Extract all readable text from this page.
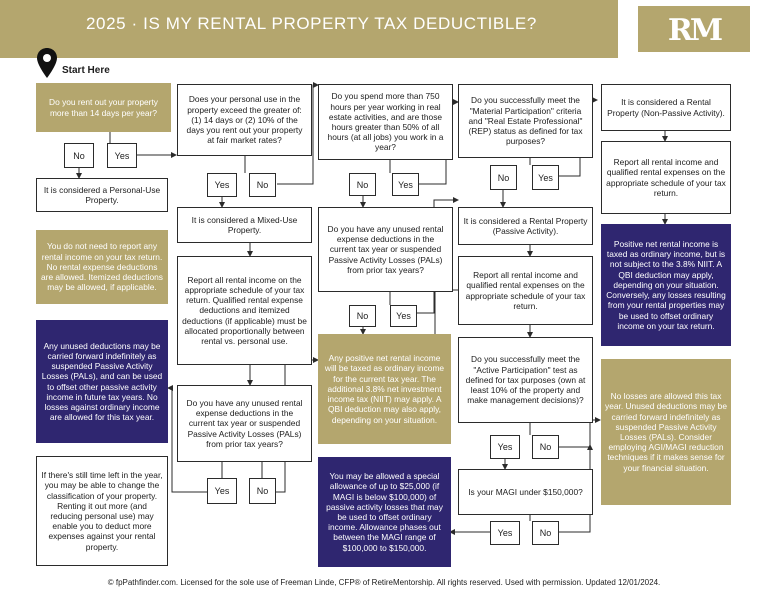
2025 · IS MY RENTAL PROPERTY TAX DEDUCTIBLE?	RM
Start Here
Do you rent out your property more than 14 days per year?
No	Yes
It is considered a Personal-Use Property.
You do not need to report any rental income on your tax return. No rental expense deductions are allowed. Itemized deductions may be allowed, if applicable.
Any unused deductions may be carried forward indefinitely as suspended Passive Activity Losses (PALs), and can be used to offset other passive activity income in future tax years. No losses against ordinary income are allowed for this tax year.
If there's still time left in the year, you may be able to change the classification of your property. Renting it out more (and reducing personal use) may enable you to deduct more expenses against your rental property.
Does your personal use in the property exceed the greater of: (1) 14 days or (2) 10% of the days you rent out your property at fair market rates?
Yes	No
It is considered a Mixed-Use Property.
Report all rental income on the appropriate schedule of your tax return. Qualified rental expense deductions and itemized deductions (if applicable) must be allocated proportionally between rental vs. personal use.
Do you have any unused rental expense deductions in the current tax year or suspended Passive Activity Losses (PALs) from prior tax years?
Yes	No
Do you spend more than 750 hours per year working in real estate activities, and are those hours greater than 50% of all hours (at all jobs) you work in a year?
No	Yes
Do you have any unused rental expense deductions in the current tax year or suspended Passive Activity Losses (PALs) from prior tax years?
No	Yes
Any positive net rental income will be taxed as ordinary income for the current tax year. The additional 3.8% net investment income tax (NIIT) may apply. A QBI deduction may also apply, depending on your situation.
You may be allowed a special allowance of up to $25,000 (if MAGI is below $100,000) of passive activity losses that may be used to offset ordinary income. Allowance phases out between the MAGI range of $100,000 to $150,000.
Do you successfully meet the "Material Participation" criteria and "Real Estate Professional" (REP) status as defined for tax purposes?
No	Yes
It is considered a Rental Property (Passive Activity).
Report all rental income and qualified rental expenses on the appropriate schedule of your tax return.
Do you successfully meet the "Active Participation" test as defined for tax purposes (own at least 10% of the property and make management decisions)?
Yes	No
Is your MAGI under $150,000?
Yes	No
It is considered a Rental Property (Non-Passive Activity).
Report all rental income and qualified rental expenses on the appropriate schedule of your tax return.
Positive net rental income is taxed as ordinary income, but is not subject to the 3.8% NIIT. A QBI deduction may apply, depending on your situation. Conversely, any losses resulting from your rental properties may be used to offset ordinary income on your tax return.
No losses are allowed this tax year. Unused deductions may be carried forward indefinitely as suspended Passive Activity Losses (PALs). Consider employing AGI/MAGI reduction techniques if it makes sense for your financial situation.
© fpPathfinder.com. Licensed for the sole use of Freeman Linde, CFP® of RetireMentorship. All rights reserved. Used with permission. Updated 12/01/2024.
